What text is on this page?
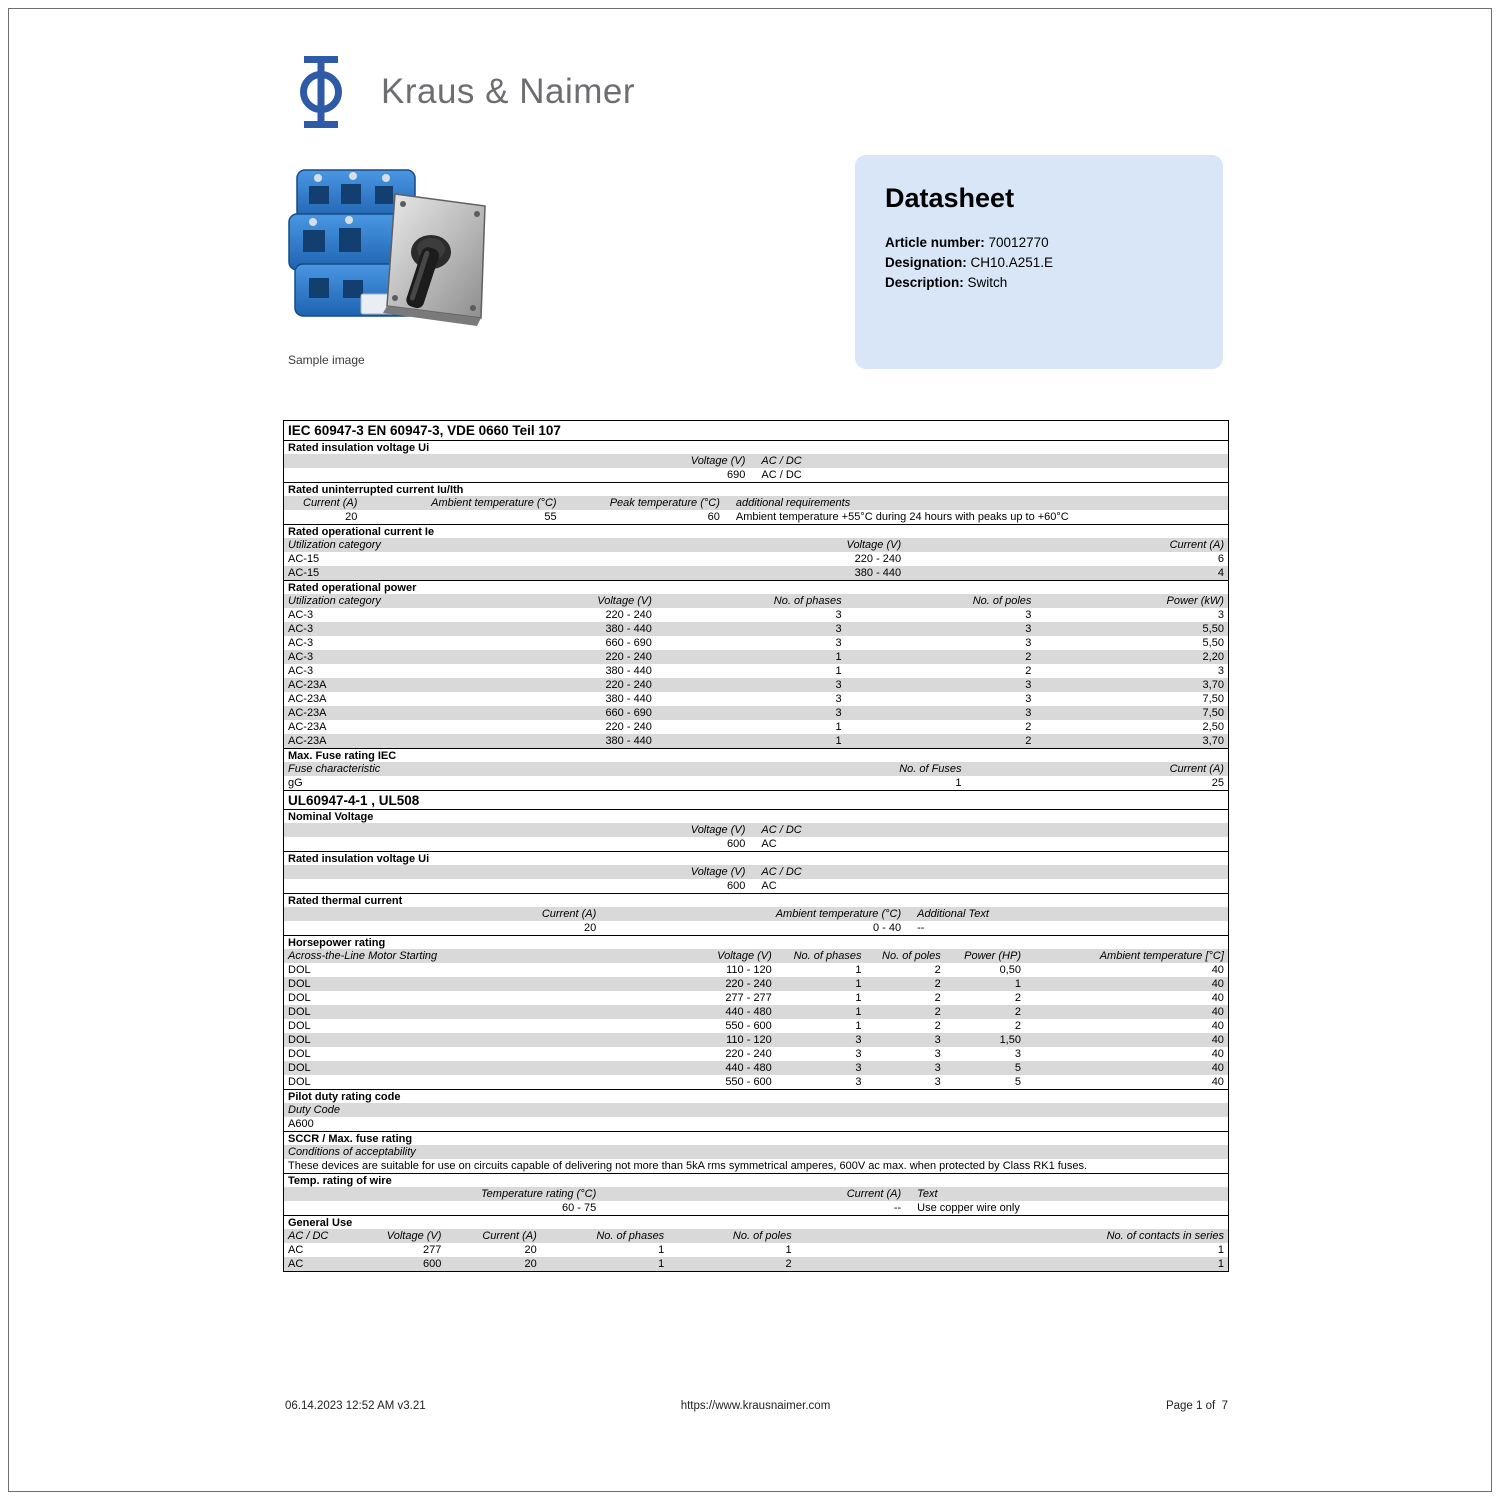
Kraus & Naimer
Sample image
Datasheet
Article number: 70012770
Designation: CH10.A251.E
Description: Switch
IEC 60947-3 EN 60947-3, VDE 0660 Teil 107
Rated insulation voltage Ui
Voltage (V)	AC / DC
690	AC / DC
Rated uninterrupted current Iu/Ith
Current (A)	Ambient temperature (°C)	Peak temperature (°C)	additional requirements
20	55	60	Ambient temperature +55°C during 24 hours with peaks up to +60°C
Rated operational current Ie
Utilization category	Voltage (V)	Current (A)
AC-15	220 - 240	6
AC-15	380 - 440	4
Rated operational power
Utilization category	Voltage (V)	No. of phases	No. of poles	Power (kW)
AC-3	220 - 240	3	3	3
AC-3	380 - 440	3	3	5,50
AC-3	660 - 690	3	3	5,50
AC-3	220 - 240	1	2	2,20
AC-3	380 - 440	1	2	3
AC-23A	220 - 240	3	3	3,70
AC-23A	380 - 440	3	3	7,50
AC-23A	660 - 690	3	3	7,50
AC-23A	220 - 240	1	2	2,50
AC-23A	380 - 440	1	2	3,70
Max. Fuse rating IEC
Fuse characteristic	No. of Fuses	Current (A)
gG	1	25
UL60947-4-1 , UL508
Nominal Voltage
Voltage (V)	AC / DC
600	AC
Rated insulation voltage Ui
Voltage (V)	AC / DC
600	AC
Rated thermal current
Current (A)	Ambient temperature (°C)	Additional Text
20	0 - 40	--
Horsepower rating
Across-the-Line Motor Starting	Voltage (V)	No. of phases	No. of poles	Power (HP)	Ambient temperature [°C]
DOL	110 - 120	1	2	0,50	40
DOL	220 - 240	1	2	1	40
DOL	277 - 277	1	2	2	40
DOL	440 - 480	1	2	2	40
DOL	550 - 600	1	2	2	40
DOL	110 - 120	3	3	1,50	40
DOL	220 - 240	3	3	3	40
DOL	440 - 480	3	3	5	40
DOL	550 - 600	3	3	5	40
Pilot duty rating code
Duty Code
A600
SCCR / Max. fuse rating
Conditions of acceptability
These devices are suitable for use on circuits capable of delivering not more than 5kA rms symmetrical amperes, 600V ac max. when protected by Class RK1 fuses.
Temp. rating of wire
Temperature rating (°C)	Current (A)	Text
60 - 75	--	Use copper wire only
General Use
AC / DC	Voltage (V)	Current (A)	No. of phases	No. of poles	No. of contacts in series
AC	277	20	1	1	1
AC	600	20	1	2	1
06.14.2023 12:52 AM v3.21	https://www.krausnaimer.com	Page 1 of  7
